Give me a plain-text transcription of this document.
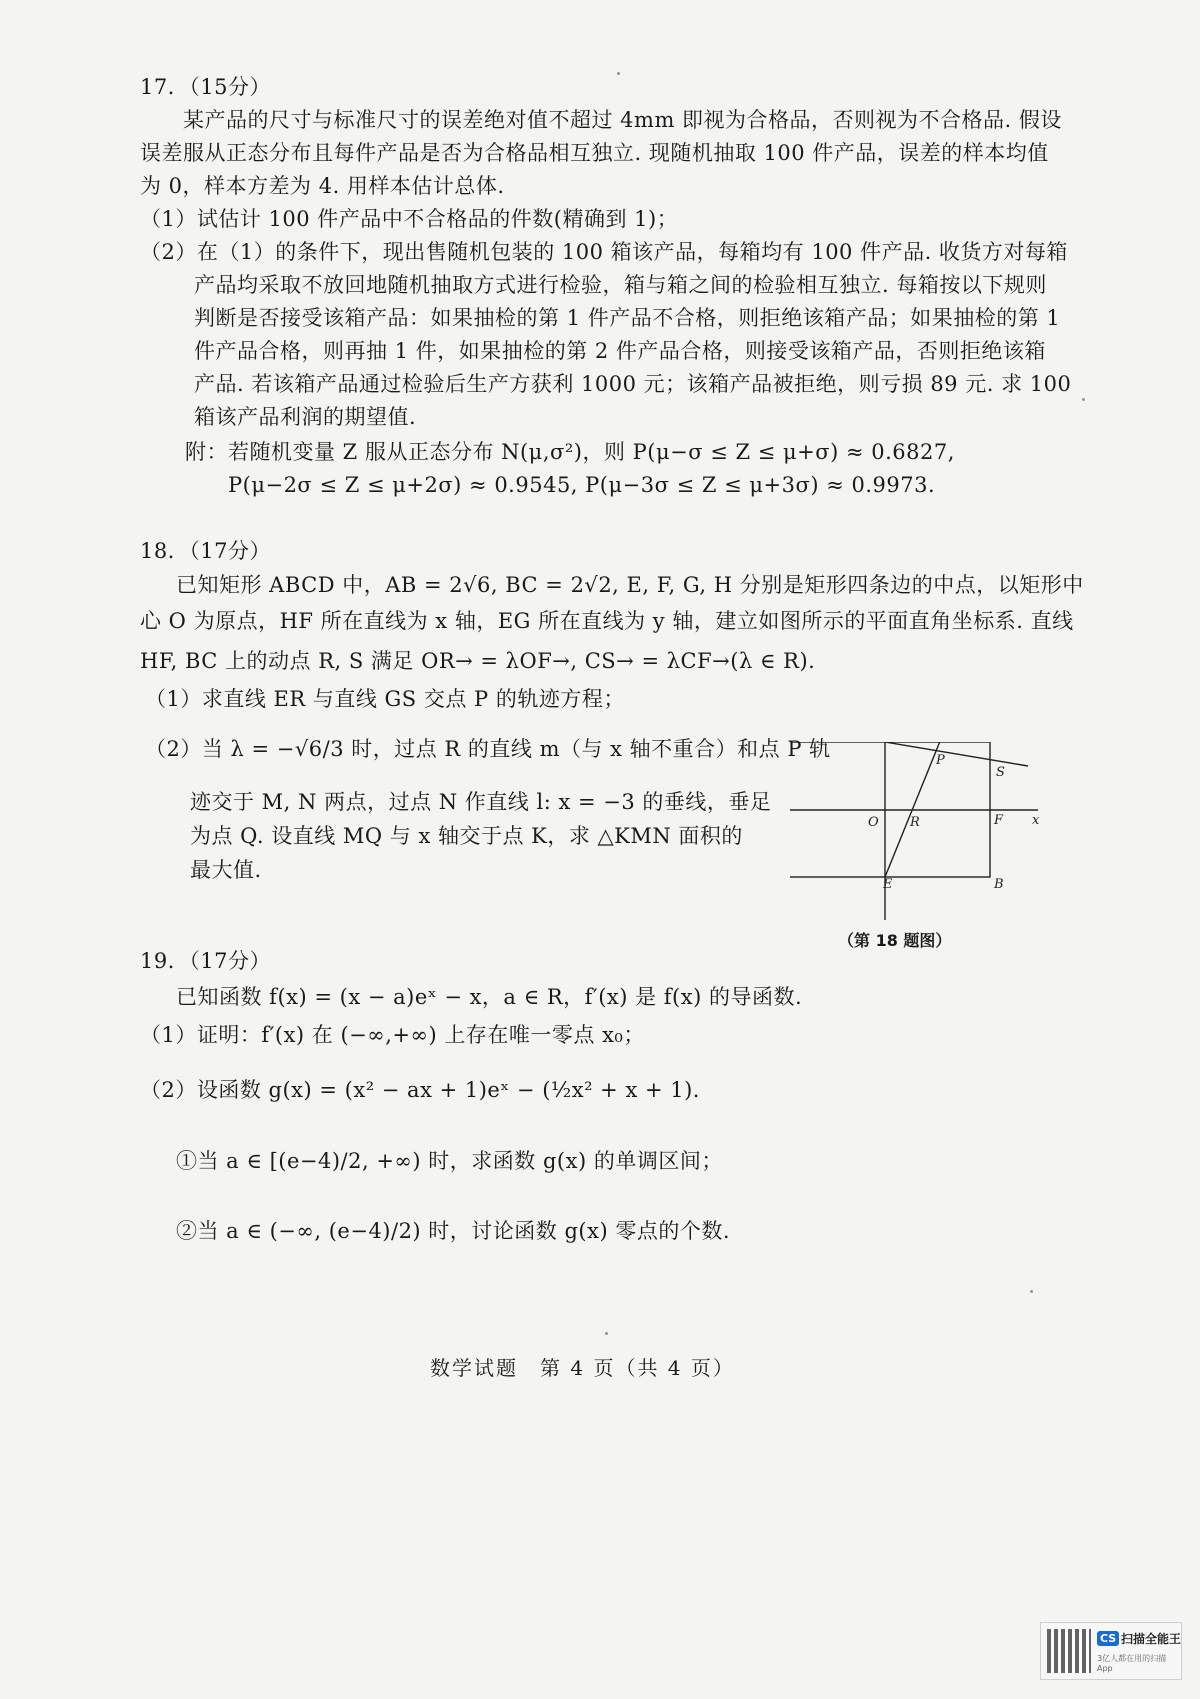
17．（15分）
某产品的尺寸与标准尺寸的误差绝对值不超过 4mm 即视为合格品，否则视为不合格品. 假设
误差服从正态分布且每件产品是否为合格品相互独立. 现随机抽取 100 件产品，误差的样本均值
为 0，样本方差为 4. 用样本估计总体.
（1）试估计 100 件产品中不合格品的件数(精确到 1)；
（2）在（1）的条件下，现出售随机包装的 100 箱该产品，每箱均有 100 件产品. 收货方对每箱
产品均采取不放回地随机抽取方式进行检验，箱与箱之间的检验相互独立. 每箱按以下规则
判断是否接受该箱产品：如果抽检的第 1 件产品不合格，则拒绝该箱产品；如果抽检的第 1
件产品合格，则再抽 1 件，如果抽检的第 2 件产品合格，则接受该箱产品，否则拒绝该箱
产品. 若该箱产品通过检验后生产方获利 1000 元；该箱产品被拒绝，则亏损 89 元. 求 100
箱该产品利润的期望值.
附：若随机变量 Z 服从正态分布 N(μ,σ²)，则 P(μ−σ ≤ Z ≤ μ+σ) ≈ 0.6827,
P(μ−2σ ≤ Z ≤ μ+2σ) ≈ 0.9545, P(μ−3σ ≤ Z ≤ μ+3σ) ≈ 0.9973.
18．（17分）
已知矩形 ABCD 中，AB = 2√6, BC = 2√2, E, F, G, H 分别是矩形四条边的中点，以矩形中
心 O 为原点，HF 所在直线为 x 轴，EG 所在直线为 y 轴，建立如图所示的平面直角坐标系. 直线
HF, BC 上的动点 R, S 满足 OR→ = λOF→, CS→ = λCF→(λ ∈ R).
（1）求直线 ER 与直线 GS 交点 P 的轨迹方程；
（2）当 λ = −√6/3 时，过点 R 的直线 m（与 x 轴不重合）和点 P 轨
迹交于 M, N 两点，过点 N 作直线 l: x = −3 的垂线，垂足
为点 Q. 设直线 MQ 与 x 轴交于点 K，求 △KMN 面积的
最大值.
B
E
F
O R
P
S
x
（第 18 题图）
19．（17分）
已知函数 f(x) = (x − a)eˣ − x，a ∈ R，f′(x) 是 f(x) 的导函数.
（1）证明：f′(x) 在 (−∞,+∞) 上存在唯一零点 x₀；
（2）设函数 g(x) = (x² − ax + 1)eˣ − (½x² + x + 1).
①当 a ∈ [(e−4)/2, +∞) 时，求函数 g(x) 的单调区间；
②当 a ∈ (−∞, (e−4)/2) 时，讨论函数 g(x) 零点的个数.
数学试题　第 4 页（共 4 页）
CS 扫描全能王
3亿人都在用的扫描App
